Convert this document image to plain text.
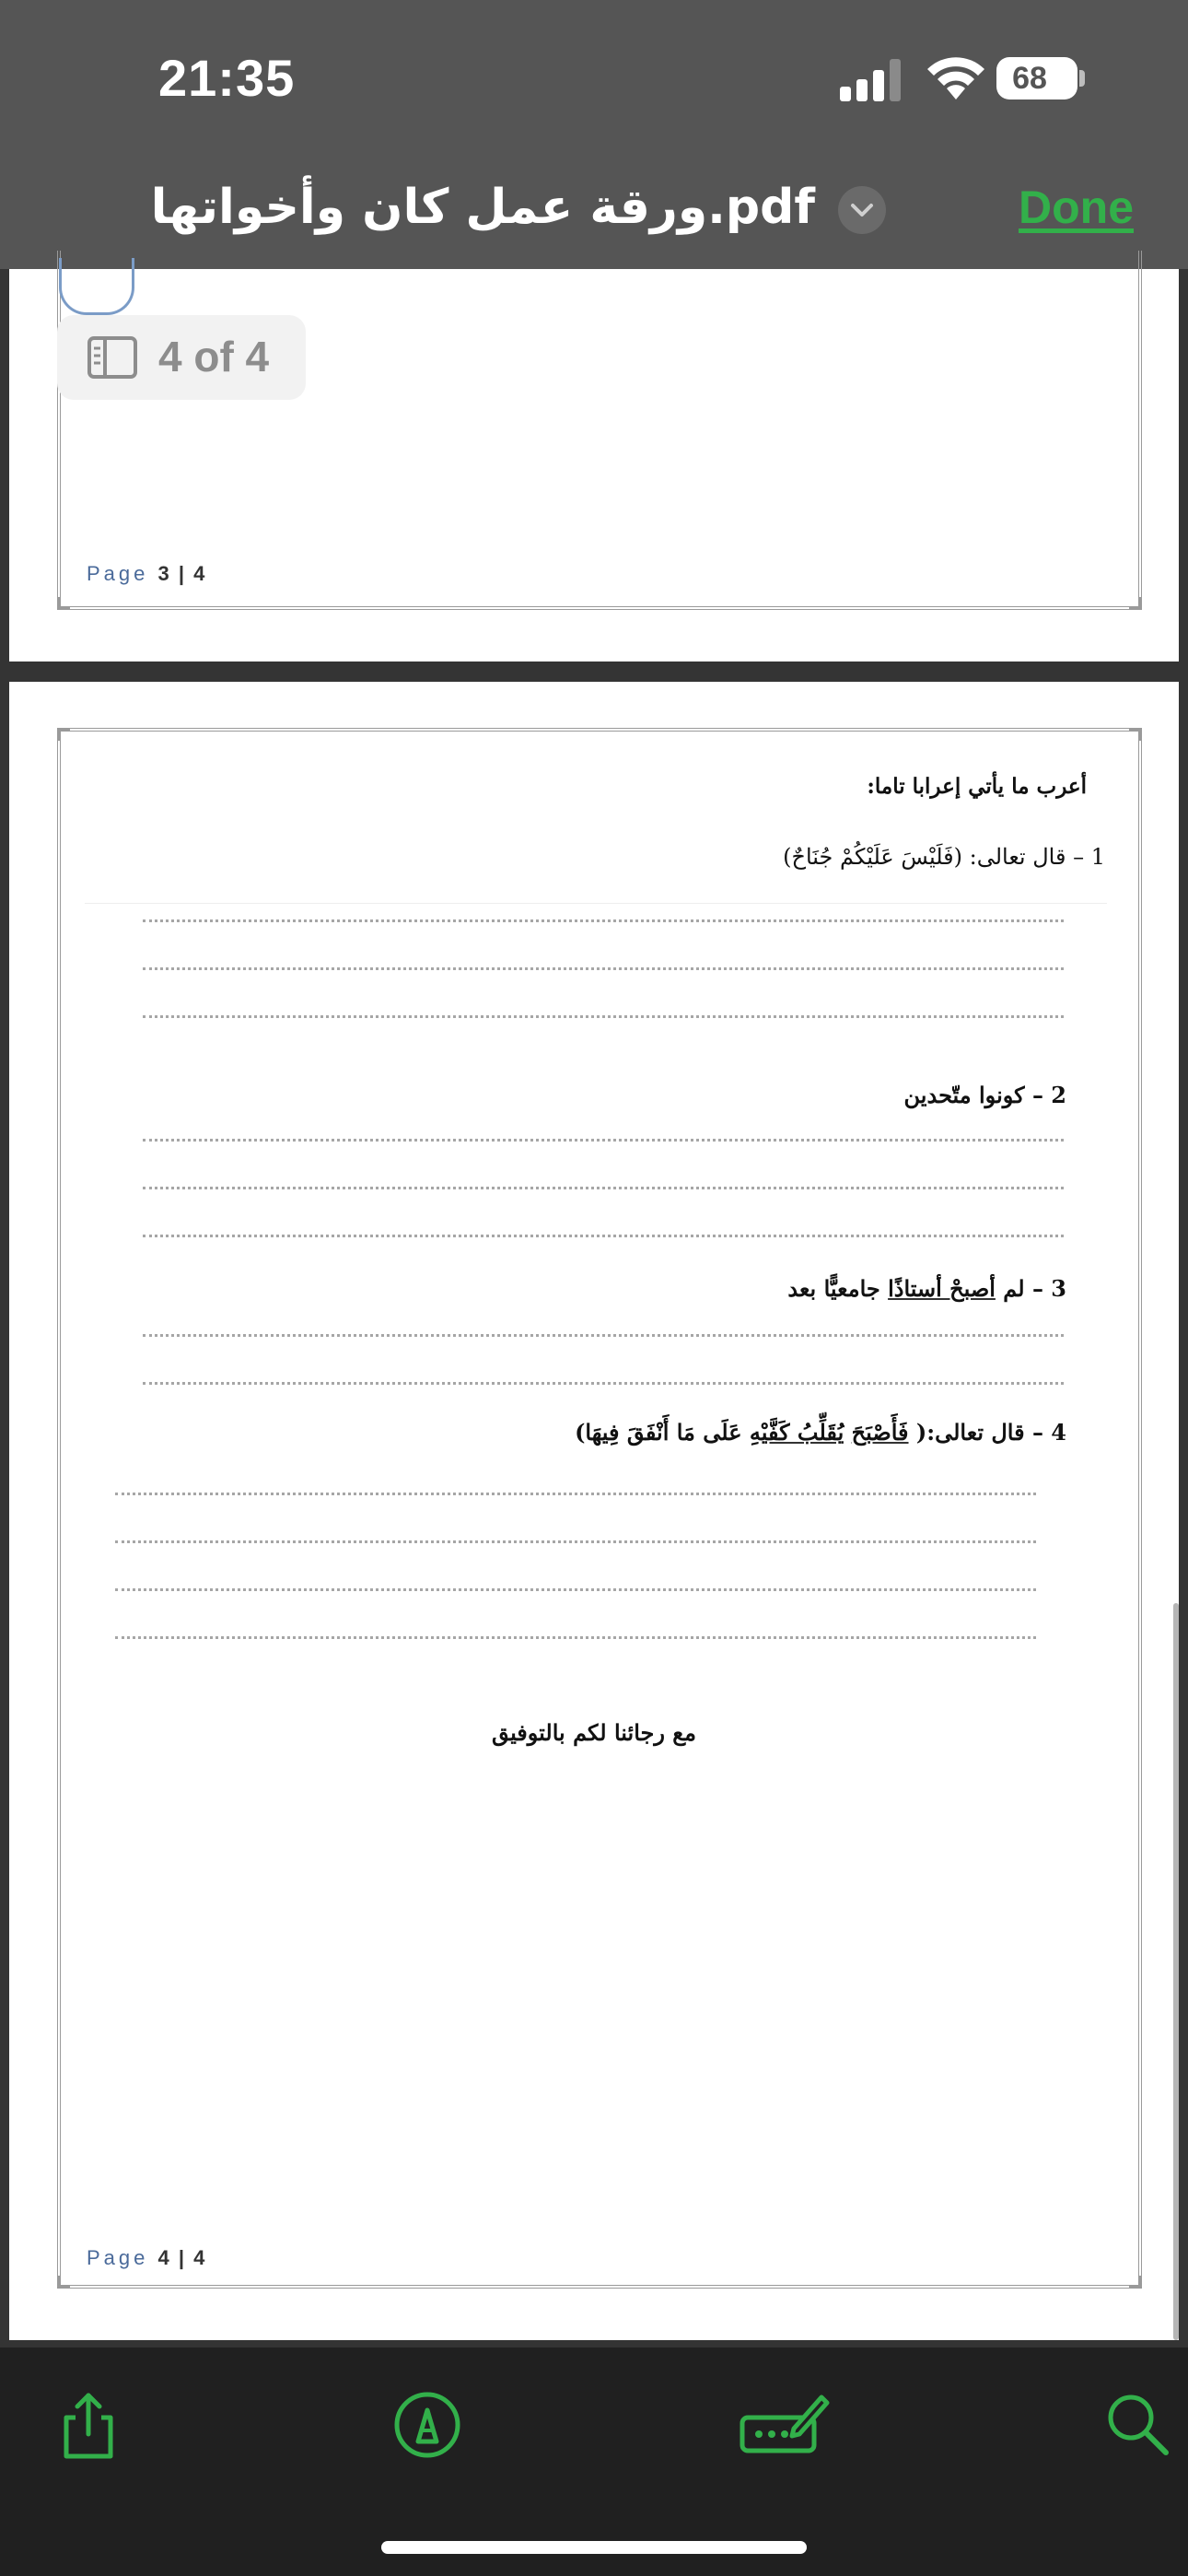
21:35	68
ورقة عمل كان وأخواتها.pdf	Done
Page 3 | 4
4 of 4
أعرب ما يأتي إعرابا تاما:
1 – قال تعالى: (فَلَيْسَ عَلَيْكُمْ جُنَاحٌ)
2 – كونوا متّحدين
3 – لم أصبحْ أستاذًا جامعيًّا بعد
4 – قال تعالى:( فَأَصْبَحَ يُقَلِّبُ كَفَّيْهِ عَلَى مَا أَنْفَقَ فِيهَا)
مع رجائنا لكم بالتوفيق
Page 4 | 4
